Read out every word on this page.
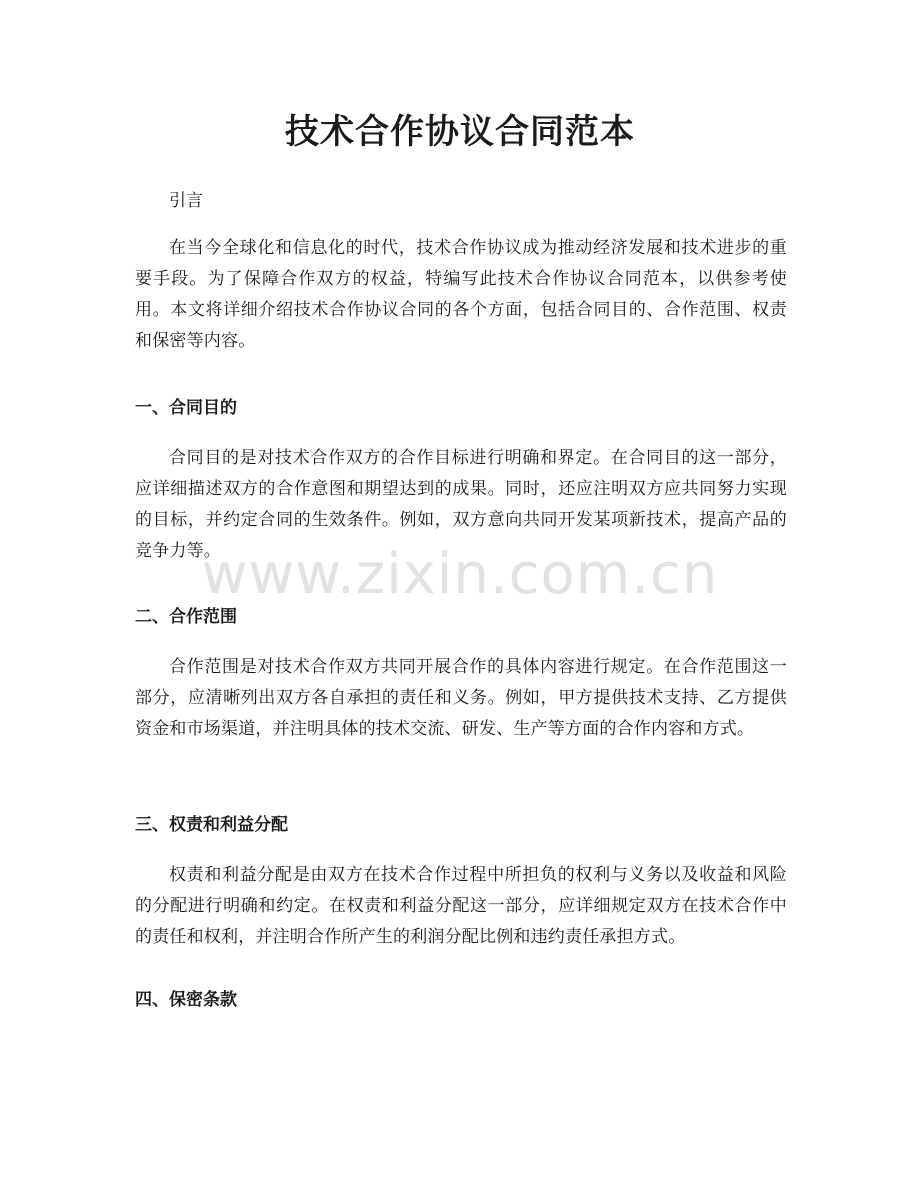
技术合作协议合同范本

引言

在当今全球化和信息化的时代，技术合作协议成为推动经济发展和技术进步的重要手段。为了保障合作双方的权益，特编写此技术合作协议合同范本，以供参考使用。本文将详细介绍技术合作协议合同的各个方面，包括合同目的、合作范围、权责和保密等内容。

一、合同目的

合同目的是对技术合作双方的合作目标进行明确和界定。在合同目的这一部分，应详细描述双方的合作意图和期望达到的成果。同时，还应注明双方应共同努力实现的目标，并约定合同的生效条件。例如，双方意向共同开发某项新技术，提高产品的竞争力等。

二、合作范围

合作范围是对技术合作双方共同开展合作的具体内容进行规定。在合作范围这一部分，应清晰列出双方各自承担的责任和义务。例如，甲方提供技术支持、乙方提供资金和市场渠道，并注明具体的技术交流、研发、生产等方面的合作内容和方式。

三、权责和利益分配

权责和利益分配是由双方在技术合作过程中所担负的权利与义务以及收益和风险的分配进行明确和约定。在权责和利益分配这一部分，应详细规定双方在技术合作中的责任和权利，并注明合作所产生的利润分配比例和违约责任承担方式。

四、保密条款
www.zixin.com.cn
